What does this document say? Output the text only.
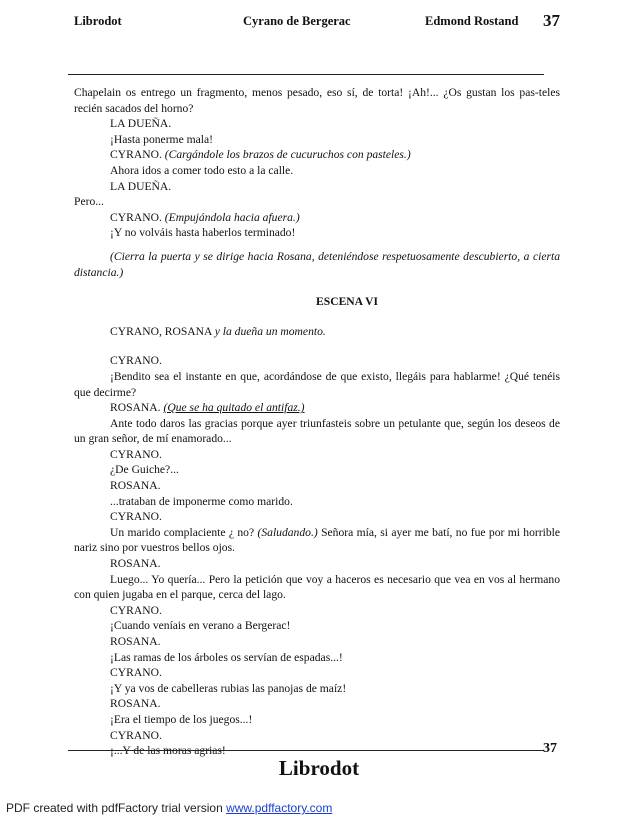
Librodot	Cyrano de Bergerac	Edmond Rostand 37
Chapelain os entrego un fragmento, menos pesado, eso sí, de torta! ¡Ah!... ¿Os gustan los pas-teles recién sacados del horno?
LA DUEÑA.
¡Hasta ponerme mala!
CYRANO. (Cargándole los brazos de cucuruchos con pasteles.)
Ahora idos a comer todo esto a la calle.
LA DUEÑA.
Pero...
CYRANO. (Empujándola hacia afuera.)
¡Y no volváis hasta haberlos terminado!
(Cierra la puerta y se dirige hacia Rosana, deteniéndose respetuosamente descubierto, a cierta distancia.)
ESCENA VI
CYRANO, ROSANA y la dueña un momento.
CYRANO.
¡Bendito sea el instante en que, acordándose de que existo, llegáis para hablarme! ¿Qué tenéis que decirme?
ROSANA. (Que se ha quitado el antifaz.)
Ante todo daros las gracias porque ayer triunfasteis sobre un petulante que, según los deseos de un gran señor, de mí enamorado...
CYRANO.
¿De Guiche?...
ROSANA.
...trataban de imponerme como marido.
CYRANO.
Un marido complaciente ¿ no? (Saludando.) Señora mía, si ayer me batí, no fue por mi horrible nariz sino por vuestros bellos ojos.
ROSANA.
Luego... Yo quería... Pero la petición que voy a haceros es necesario que vea en vos al hermano con quien jugaba en el parque, cerca del lago.
CYRANO.
¡Cuando veníais en verano a Bergerac!
ROSANA.
¡Las ramas de los árboles os servían de espadas...!
CYRANO.
¡Y ya vos de cabelleras rubias las panojas de maíz!
ROSANA.
¡Era el tiempo de los juegos...!
CYRANO.
37
Librodot
PDF created with pdfFactory trial version www.pdffactory.com
